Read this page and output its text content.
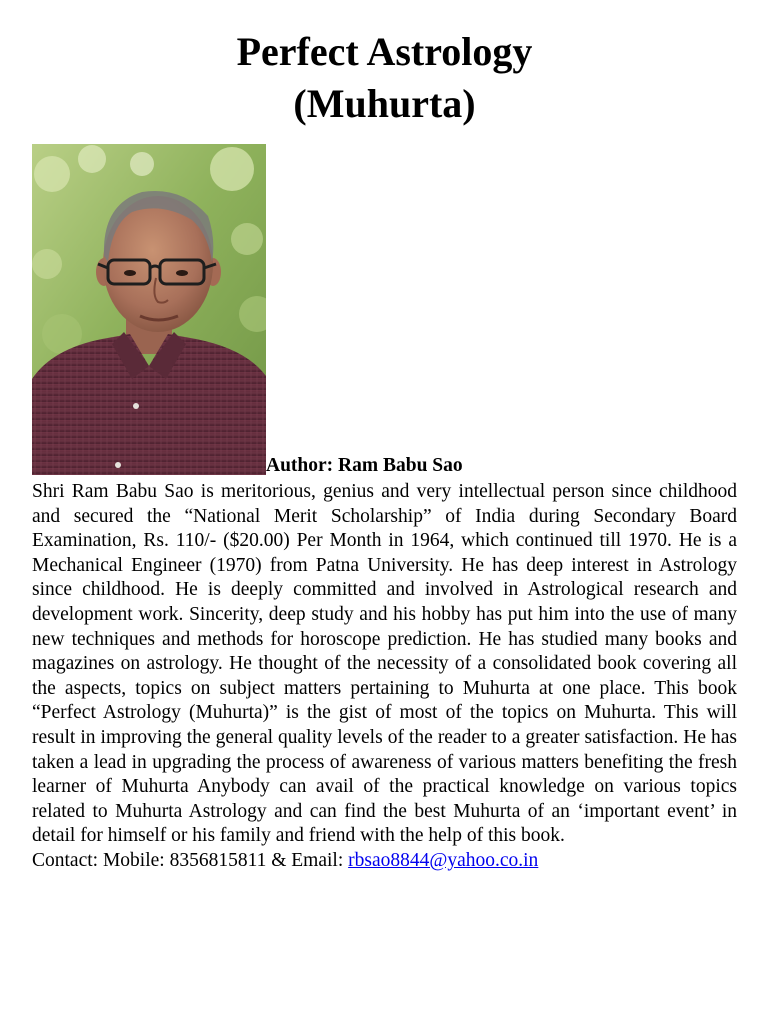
Perfect Astrology
(Muhurta)
Author: Ram Babu Sao

Shri Ram Babu Sao is meritorious, genius and very intellectual person since childhood and secured the “National Merit Scholarship” of India during Secondary Board Examination, Rs. 110/- ($20.00) Per Month in 1964, which continued till 1970. He is a Mechanical Engineer (1970) from Patna University. He has deep interest in Astrology since childhood. He is deeply committed and involved in Astrological research and development work. Sincerity, deep study and his hobby has put him into the use of many new techniques and methods for horoscope prediction. He has studied many books and magazines on astrology. He thought of the necessity of a consolidated book covering all the aspects, topics on subject matters pertaining to Muhurta at one place. This book “Perfect Astrology (Muhurta)” is the gist of most of the topics on Muhurta. This will result in improving the general quality levels of the reader to a greater satisfaction. He has taken a lead in upgrading the process of awareness of various matters benefiting the fresh learner of Muhurta Anybody can avail of the practical knowledge on various topics related to Muhurta Astrology and can find the best Muhurta of an ‘important event’ in detail for himself or his family and friend with the help of this book.

Contact: Mobile: 8356815811 & Email: rbsao8844@yahoo.co.in
